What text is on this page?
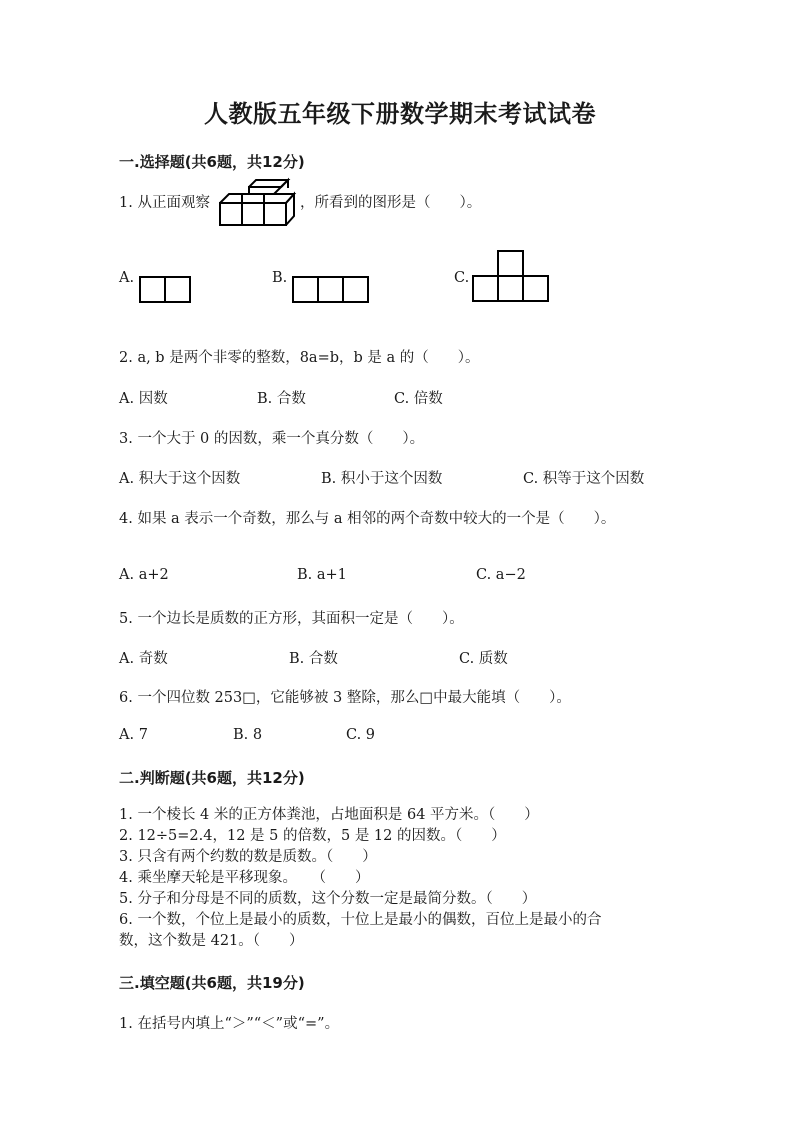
人教版五年级下册数学期末考试试卷
一.选择题(共6题，共12分)
1. 从正面观察	，所看到的图形是（　　）。
A.	B.	C.
2. a, b 是两个非零的整数，8a=b，b 是 a 的（　　）。
A. 因数	B. 合数	C. 倍数
3. 一个大于 0 的因数，乘一个真分数（　　）。
A. 积大于这个因数	B. 积小于这个因数	C. 积等于这个因数
4. 如果 a 表示一个奇数，那么与 a 相邻的两个奇数中较大的一个是（　　）。
A. a+2	B. a+1	C. a−2
5. 一个边长是质数的正方形，其面积一定是（　　）。
A. 奇数	B. 合数	C. 质数
6. 一个四位数 253□，它能够被 3 整除，那么□中最大能填（　　）。
A. 7	B. 8	C. 9
二.判断题(共6题，共12分)
1. 一个棱长 4 米的正方体粪池，占地面积是 64 平方米。（　　）
2. 12÷5=2.4，12 是 5 的倍数，5 是 12 的因数。（　　）
3. 只含有两个约数的数是质数。（　　）
4. 乘坐摩天轮是平移现象。　　（　　）
5. 分子和分母是不同的质数，这个分数一定是最简分数。（　　）
6. 一个数，个位上是最小的质数，十位上是最小的偶数，百位上是最小的合
数，这个数是 421。（　　）
三.填空题(共6题，共19分)
1. 在括号内填上“＞”“＜”或“=”。
